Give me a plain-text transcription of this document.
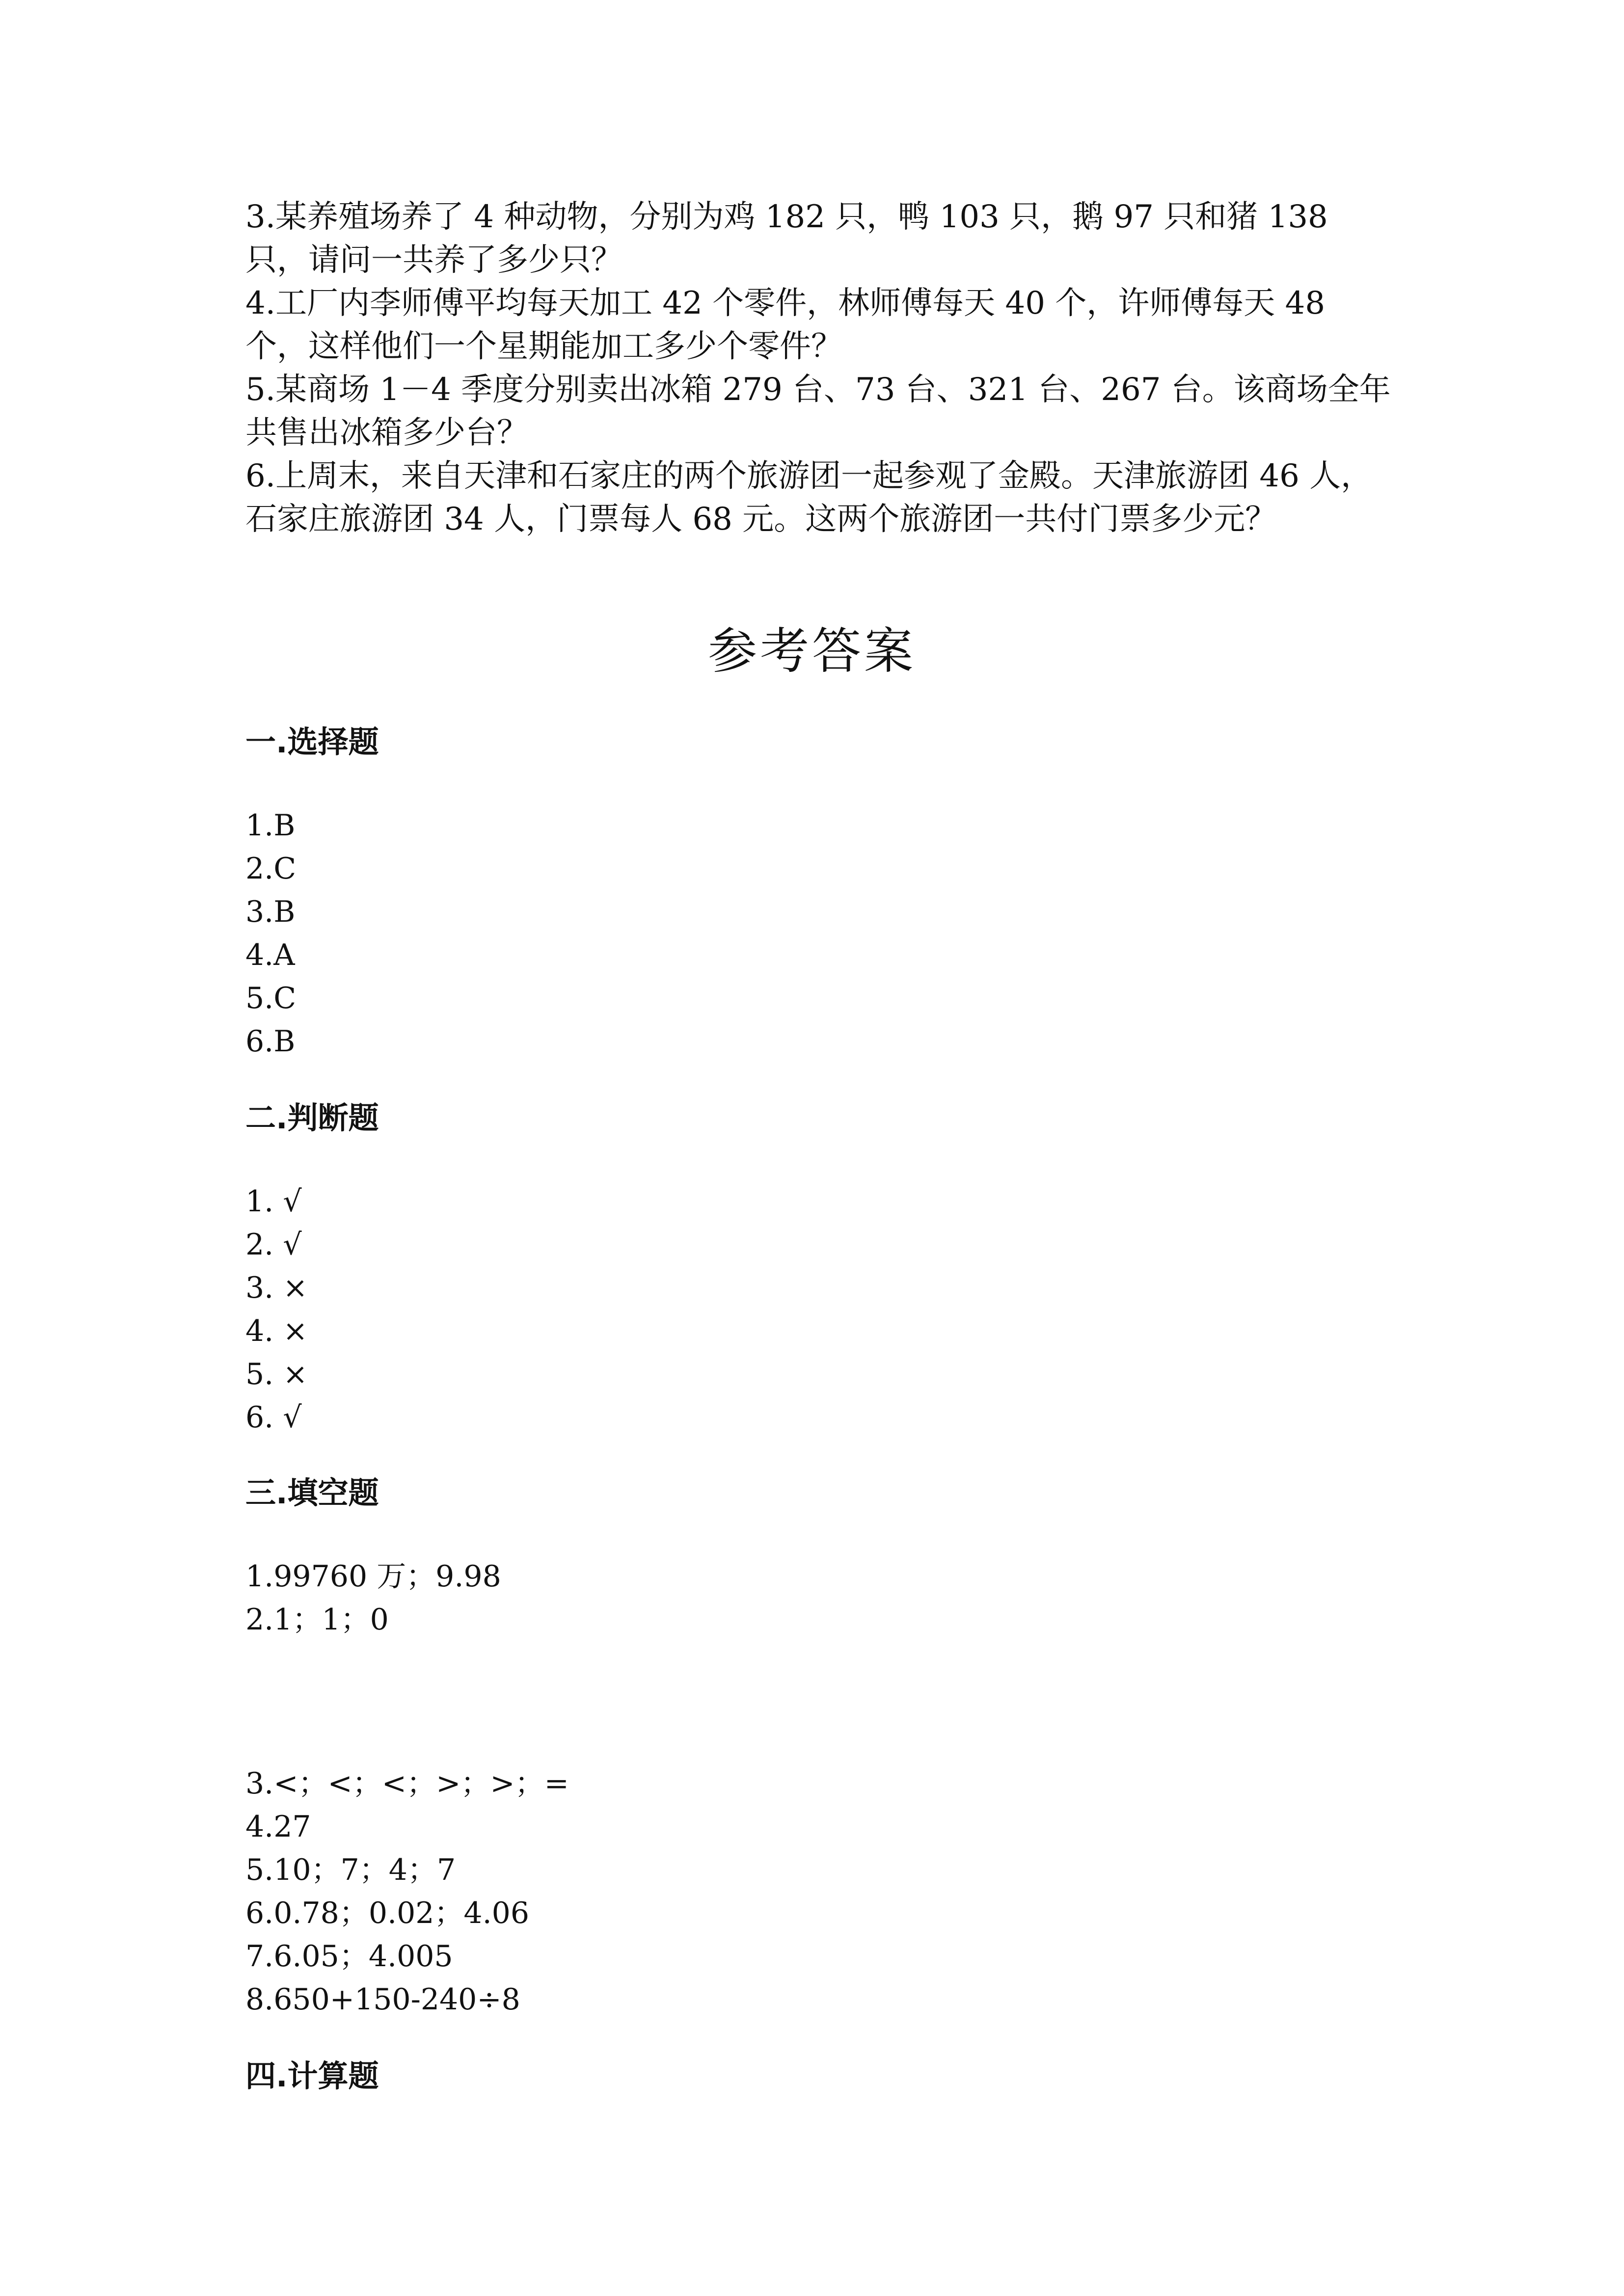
3.某养殖场养了 4 种动物，分别为鸡 182 只，鸭 103 只，鹅 97 只和猪 138 只，请问一共养了多少只？

4.工厂内李师傅平均每天加工 42 个零件，林师傅每天 40 个，许师傅每天 48 个，这样他们一个星期能加工多少个零件？

5.某商场 1－4 季度分别卖出冰箱 279 台、73 台、321 台、267 台。该商场全年共售出冰箱多少台？

6.上周末，来自天津和石家庄的两个旅游团一起参观了金殿。天津旅游团 46 人，石家庄旅游团 34 人，门票每人 68 元。这两个旅游团一共付门票多少元？

参考答案
一.选择题
1.B
2.C
3.B
4.A
5.C
6.B
二.判断题
1. √
2. √
3. ×
4. ×
5. ×
6. √
三.填空题
1.99760 万；9.98
2.1；1；0
3.<；<；<；>；>；=
4.27
5.10；7；4；7
6.0.78；0.02；4.06
7.6.05；4.005
8.650+150-240÷8
四.计算题
